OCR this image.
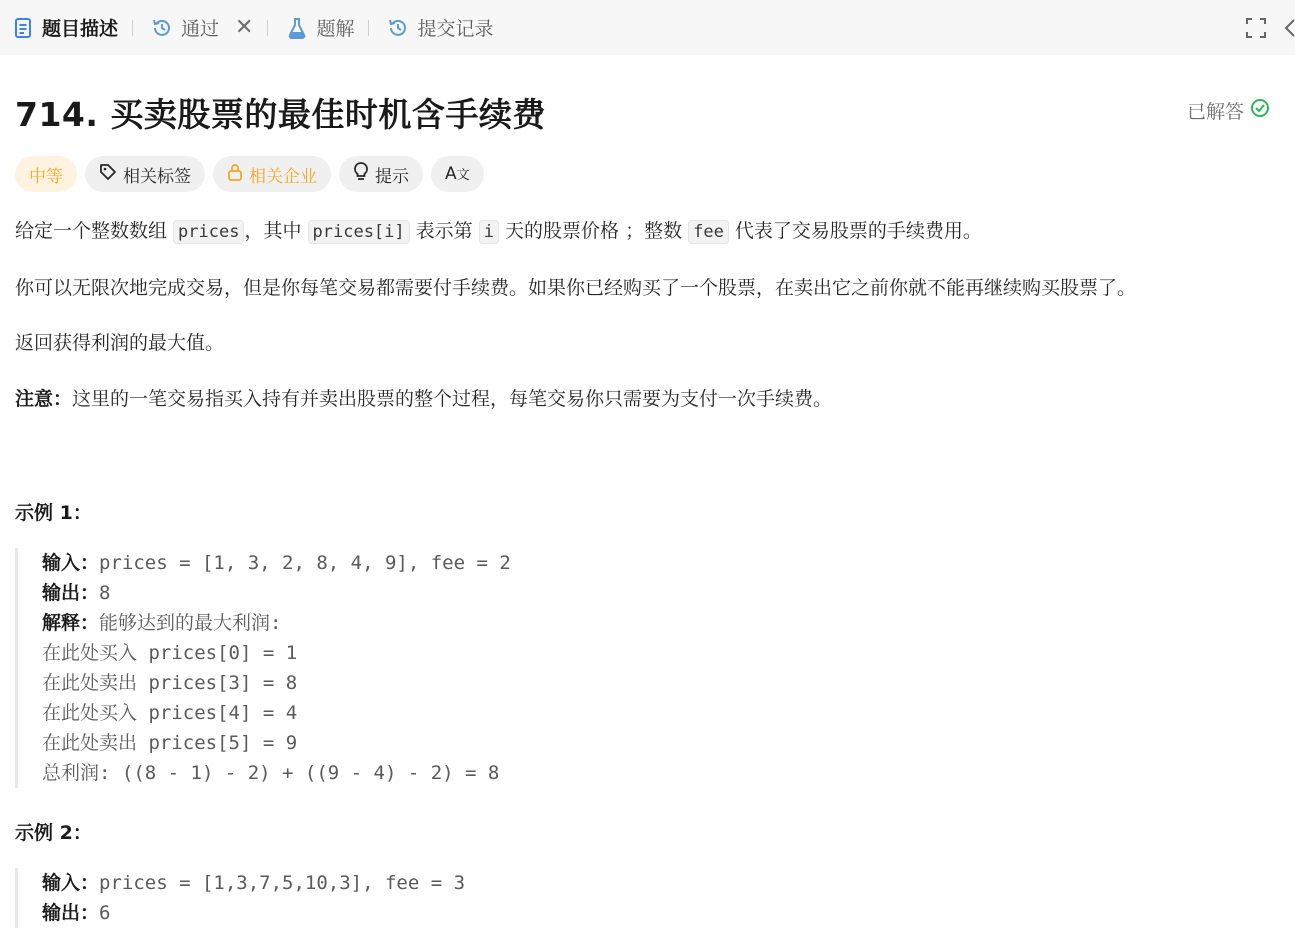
题目描述	通过 ✕	题解	提交记录
714. 买卖股票的最佳时机含手续费	已解答
中等	相关标签	相关企业	提示 A文
给定一个整数数组 prices ，其中 prices[i] 表示第 i 天的股票价格 ；整数 fee 代表了交易股票的手续费用。
你可以无限次地完成交易，但是你每笔交易都需要付手续费。如果你已经购买了一个股票，在卖出它之前你就不能再继续购买股票了。
返回获得利润的最大值。
注意：这里的一笔交易指买入持有并卖出股票的整个过程，每笔交易你只需要为支付一次手续费。
示例 1：
输入：prices = [1, 3, 2, 8, 4, 9], fee = 2
输出：8
解释：能够达到的最大利润:
在此处买入 prices[0] = 1
在此处卖出 prices[3] = 8
在此处买入 prices[4] = 4
在此处卖出 prices[5] = 9
总利润: ((8 - 1) - 2) + ((9 - 4) - 2) = 8
示例 2：
输入：prices = [1,3,7,5,10,3], fee = 3
输出：6
